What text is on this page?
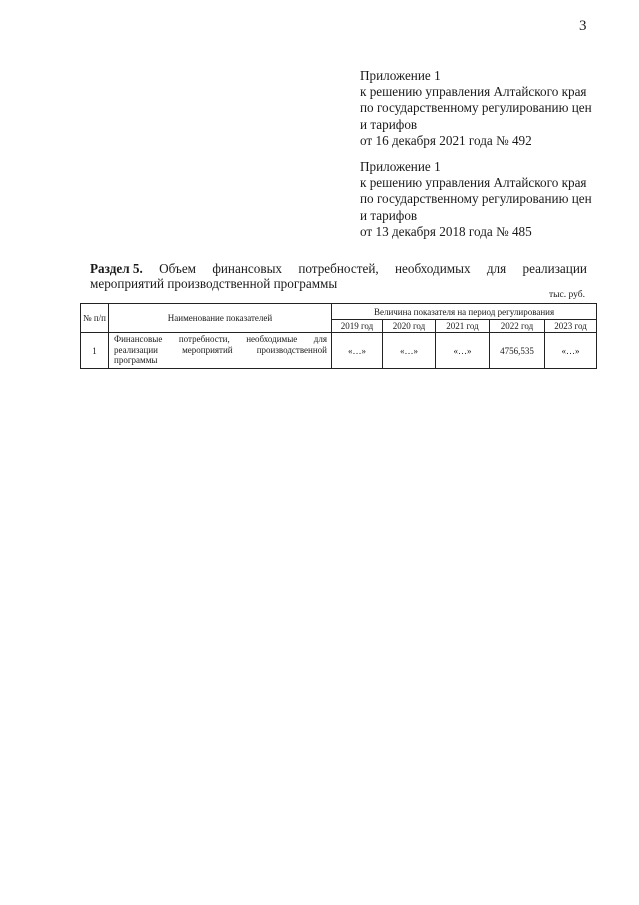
3
Приложение 1
к решению управления Алтайского края
по государственному регулированию цен
и тарифов
от 16 декабря 2021 года № 492
Приложение 1
к решению управления Алтайского края
по государственному регулированию цен
и тарифов
от 13 декабря 2018 года № 485
Раздел 5. Объем финансовых потребностей, необходимых для реализации
мероприятий производственной программы
тыс. руб.
№ п/п	Наименование показателей	Величина показателя на период регулирования				
		2019 год	2020 год	2021 год	2022 год	2023 год
1	Финансовые потребности, необходимые для реализации мероприятий производственной программы	«…»	«…»	«…»	4756,535	«…»
